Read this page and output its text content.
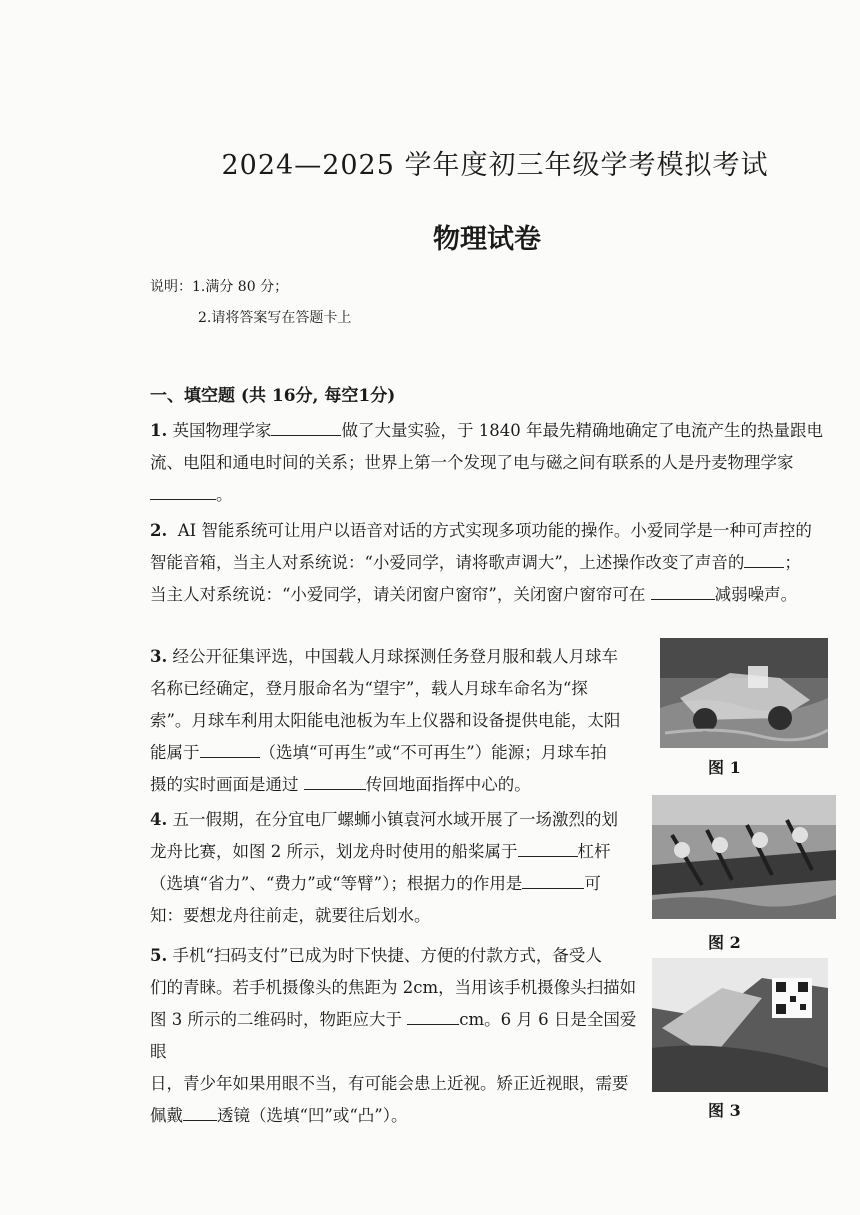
2024—2025 学年度初三年级学考模拟考试
物理试卷
说明：1.满分 80 分；
2.请将答案写在答题卡上
一、填空题 (共 16分, 每空1分)
1. 英国物理学家	做了大量实验，于 1840 年最先精确地确定了电流产生的热量跟电
流、电阻和通电时间的关系；世界上第一个发现了电与磁之间有联系的人是丹麦物理学家
。
2. AI 智能系统可让用户以语音对话的方式实现多项功能的操作。小爱同学是一种可声控的
智能音箱，当主人对系统说：“小爱同学，请将歌声调大”，上述操作改变了声音的 ；
当主人对系统说：“小爱同学，请关闭窗户窗帘”，关闭窗户窗帘可在	减弱噪声。
3. 经公开征集评选，中国载人月球探测任务登月服和载人月球车
名称已经确定，登月服命名为“望宇”，载人月球车命名为“探
索”。月球车利用太阳能电池板为车上仪器和设备提供电能，太阳
能属于	（选填“可再生”或“不可再生”）能源；月球车拍
摄的实时画面是通过	传回地面指挥中心的。
4. 五一假期，在分宜电厂螺蛳小镇袁河水域开展了一场激烈的划
龙舟比赛，如图 2 所示，划龙舟时使用的船桨属于	杠杆
（选填“省力”、“费力”或“等臂”）；根据力的作用是	可
知：要想龙舟往前走，就要往后划水。
5. 手机“扫码支付”已成为时下快捷、方便的付款方式，备受人
们的青睐。若手机摄像头的焦距为 2cm，当用该手机摄像头扫描如
图 3 所示的二维码时，物距应大于	cm。6 月 6 日是全国爱眼
日，青少年如果用眼不当，有可能会患上近视。矫正近视眼，需要
佩戴 透镜（选填“凹”或“凸”）。
图 1
图 2
图 3
